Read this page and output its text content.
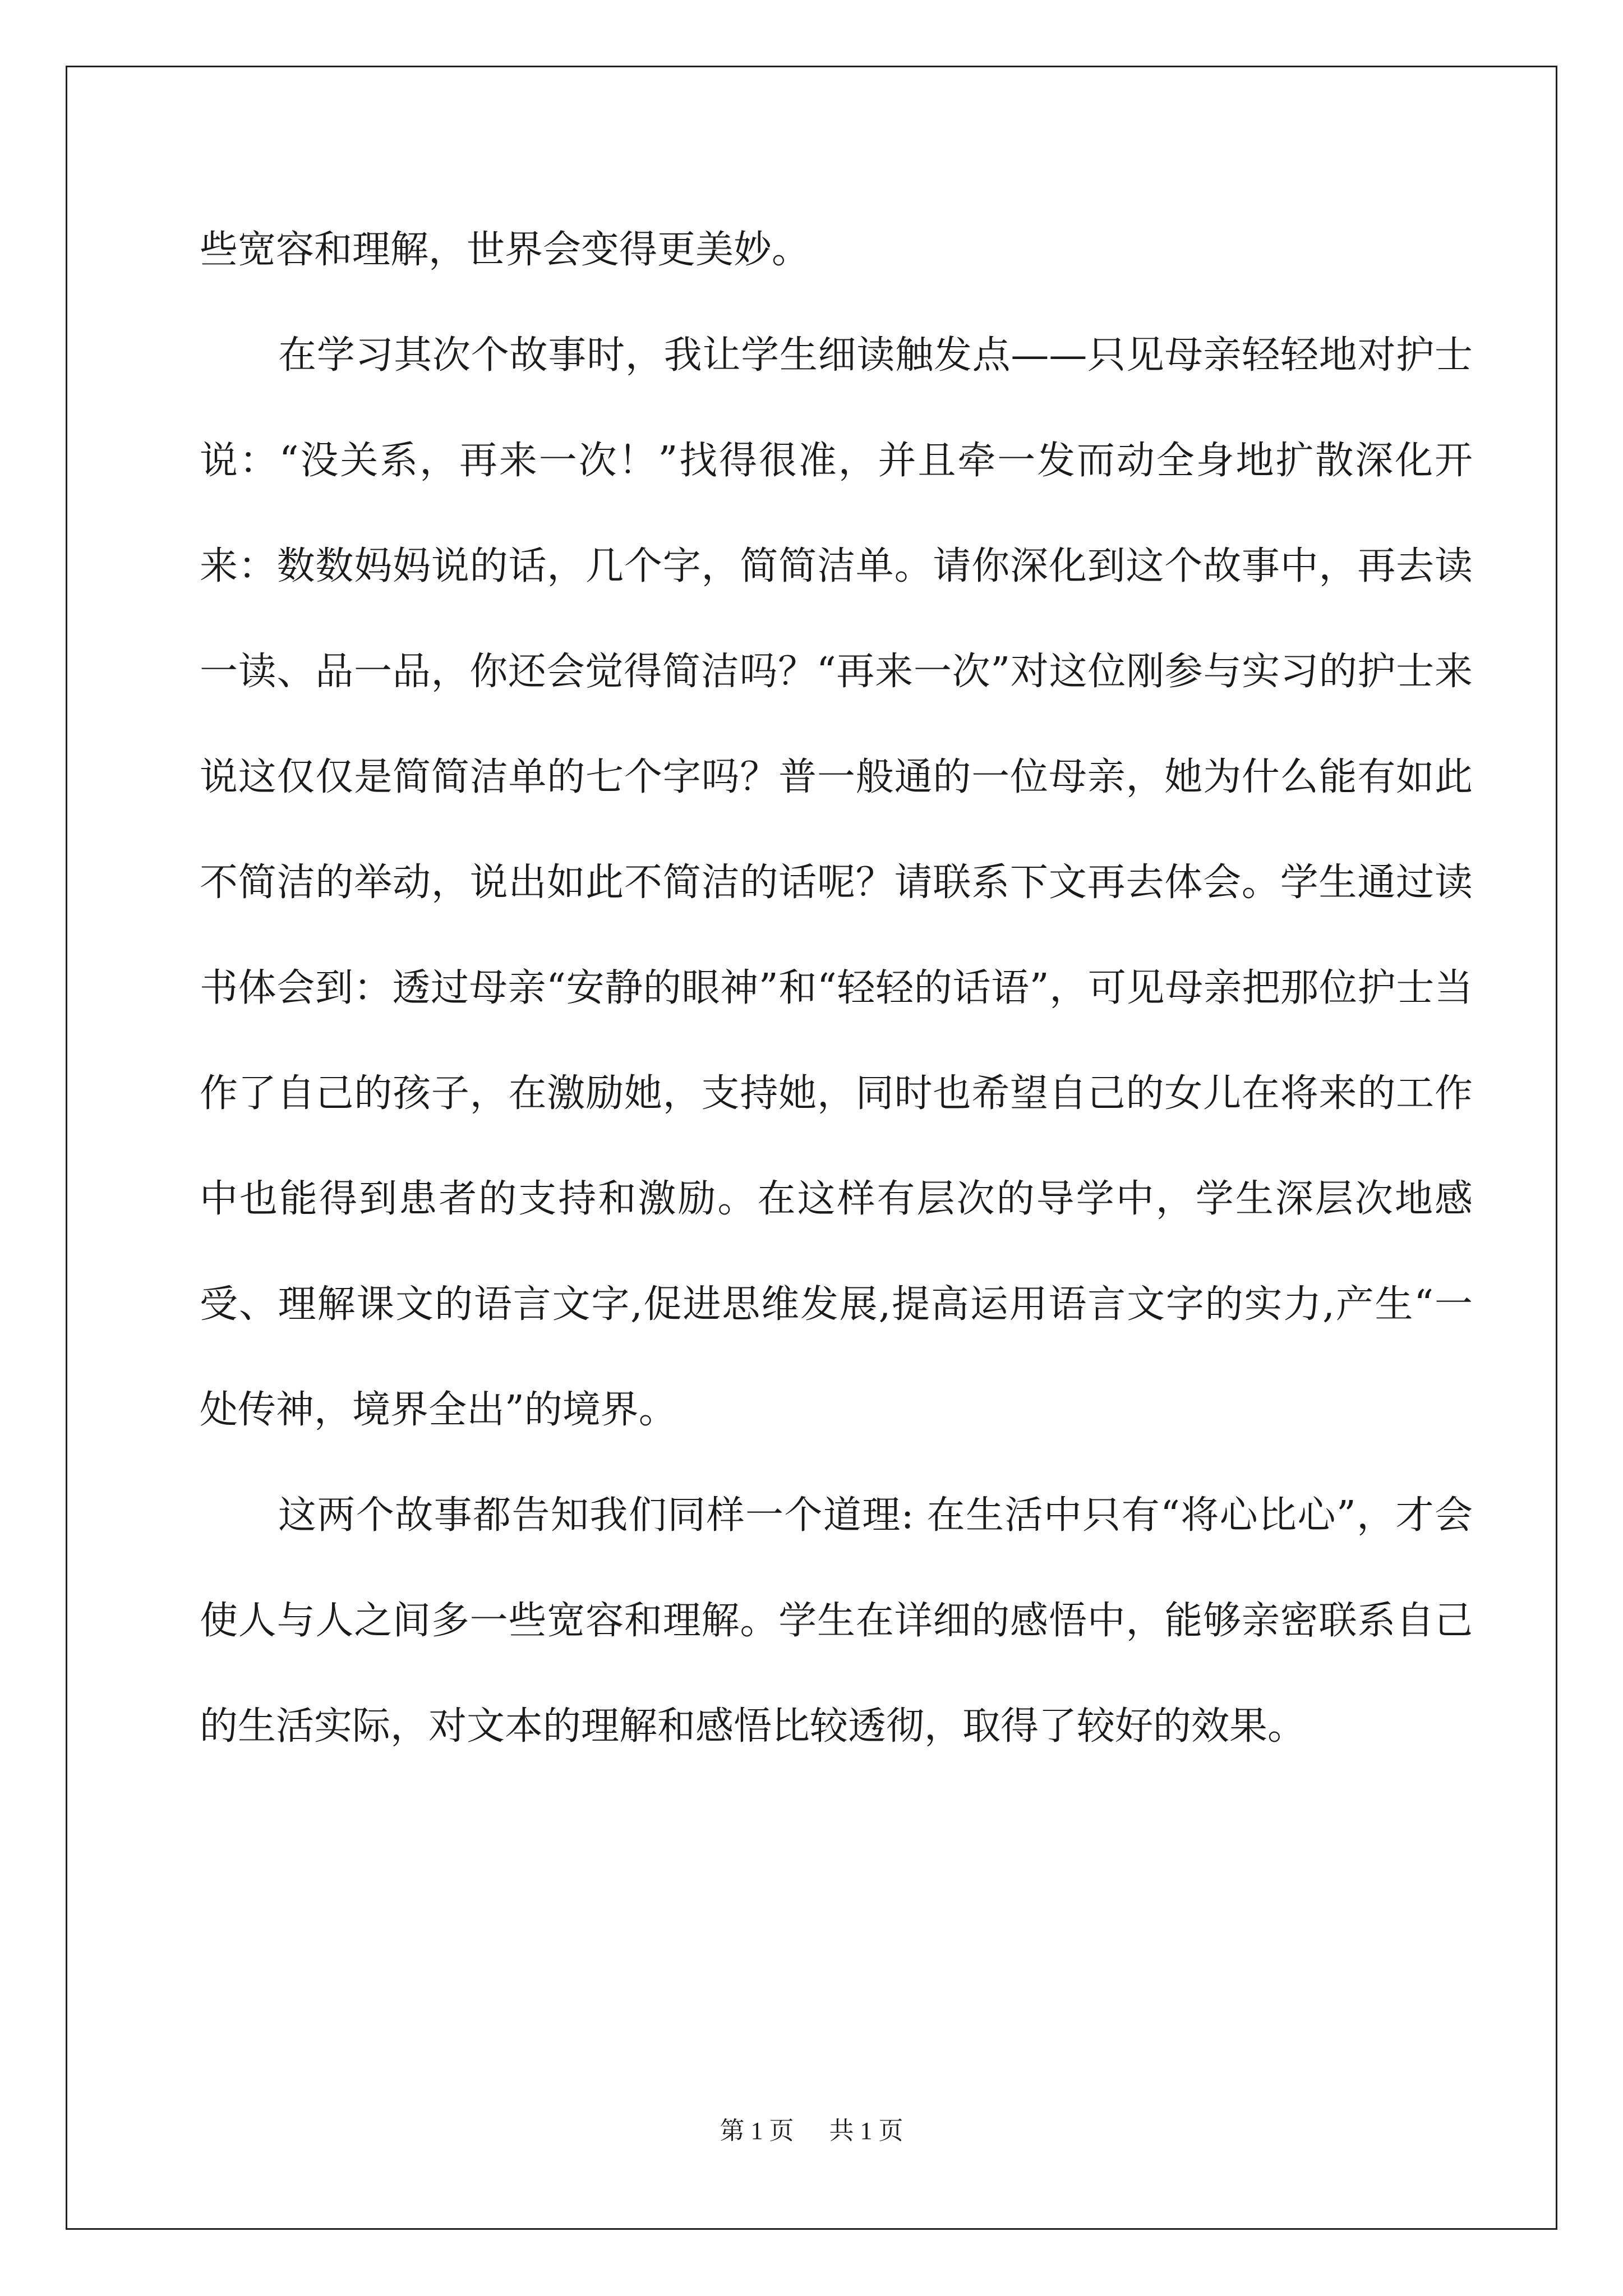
些宽容和理解，世界会变得更美妙。

在学习其次个故事时，我让学生细读触发点——只见母亲轻轻地对护士说：“没关系，再来一次！”找得很准，并且牵一发而动全身地扩散深化开来：数数妈妈说的话，几个字，简简洁单。请你深化到这个故事中，再去读一读、品一品，你还会觉得简洁吗？“再来一次”对这位刚参与实习的护士来说这仅仅是简简洁单的七个字吗？普一般通的一位母亲，她为什么能有如此不简洁的举动，说出如此不简洁的话呢？请联系下文再去体会。学生通过读书体会到：透过母亲“安静的眼神”和“轻轻的话语”，可见母亲把那位护士当作了自己的孩子，在激励她，支持她，同时也希望自己的女儿在将来的工作中也能得到患者的支持和激励。在这样有层次的导学中，学生深层次地感受、理解课文的语言文字,促进思维发展,提高运用语言文字的实力,产生“一处传神，境界全出”的境界。

这两个故事都告知我们同样一个道理: 在生活中只有“将心比心”，才会使人与人之间多一些宽容和理解。学生在详细的感悟中，能够亲密联系自己的生活实际，对文本的理解和感悟比较透彻，取得了较好的效果。

第 1 页 共 1 页
